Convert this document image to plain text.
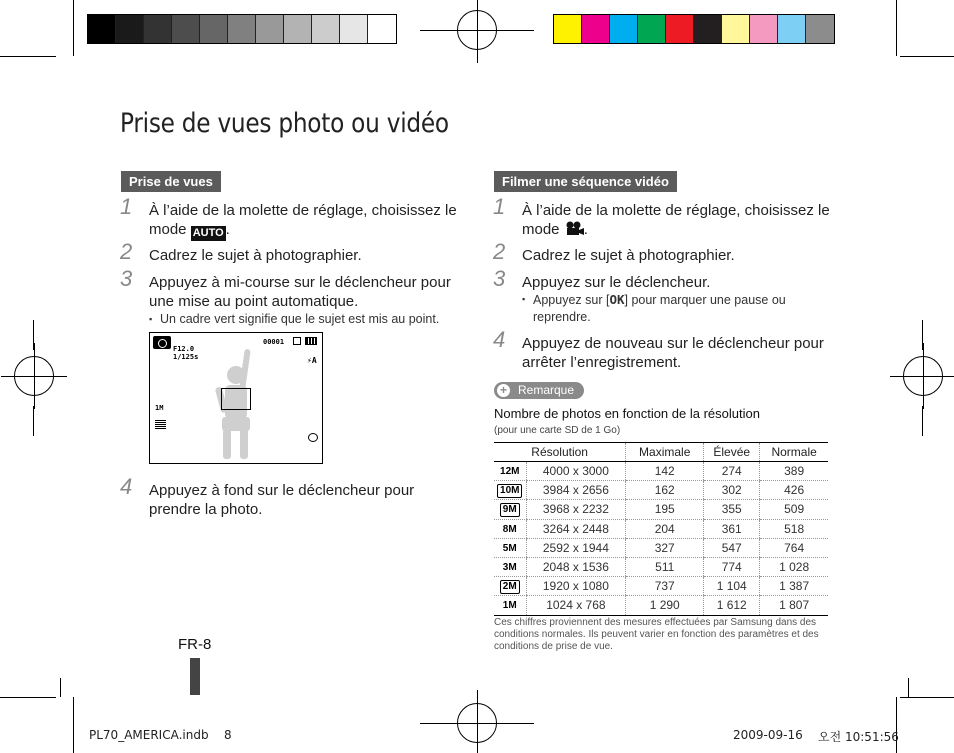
Prise de vues photo ou vidéo
Prise de vues
1 À l’aide de la molette de réglage, choisissez le mode AUTO .
2 Cadrez le sujet à photographier.
3 Appuyez à mi-course sur le déclencheur pour une mise au point automatique.
▪ Un cadre vert signifie que le sujet est mis au point.
F12.0
1/125s
00001
⚡A
1M
4 Appuyez à fond sur le déclencheur pour prendre la photo.
Filmer une séquence vidéo
1 À l’aide de la molette de réglage, choisissez le mode .
2 Cadrez le sujet à photographier.
3 Appuyez sur le déclencheur.
▪ Appuyez sur [OK] pour marquer une pause ou reprendre.
4 Appuyez de nouveau sur le déclencheur pour arrêter l’enregistrement.
+ Remarque
Nombre de photos en fonction de la résolution
(pour une carte SD de 1 Go)
Résolution		Maximale	Élevée	Normale
12M	4000 x 3000	142	274	389
10M	3984 x 2656	162	302	426
9M	3968 x 2232	195	355	509
8M	3264 x 2448	204	361	518
5M	2592 x 1944	327	547	764
3M	2048 x 1536	511	774	1 028
2M	1920 x 1080	737	1 104	1 387
1M	1024 x 768	1 290	1 612	1 807
Ces chiffres proviennent des mesures effectuées par Samsung dans des conditions normales. Ils peuvent varier en fonction des paramètres et des conditions de prise de vue.
FR-8
PL70_AMERICA.indb 8	2009-09-16 오전 10:51:56
